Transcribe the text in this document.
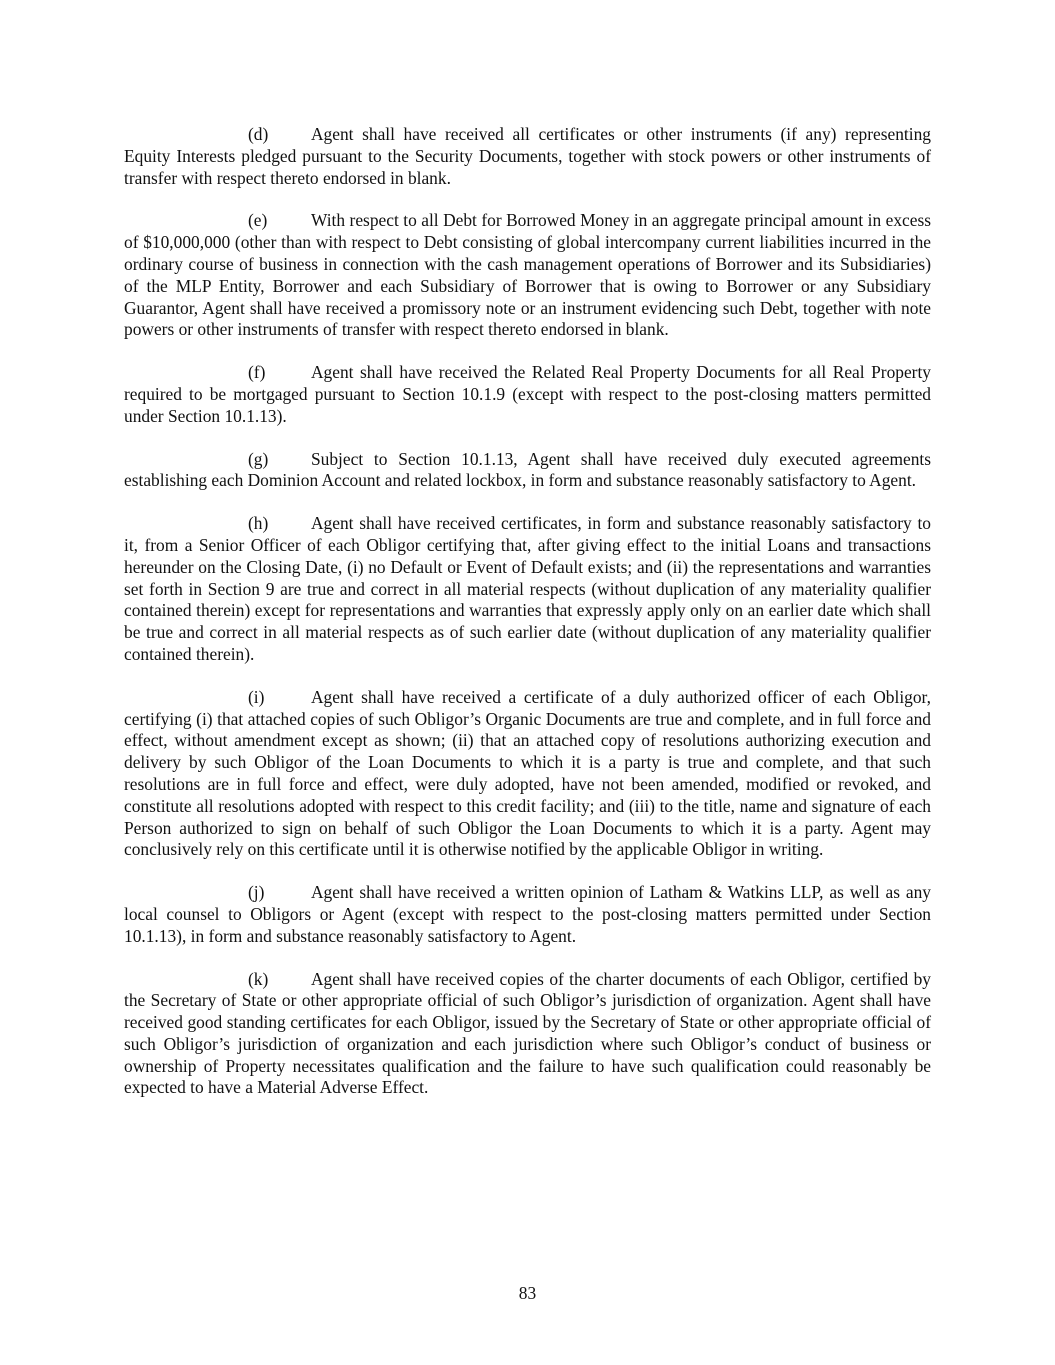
(d) Agent shall have received all certificates or other instruments (if any) representing Equity Interests pledged pursuant to the Security Documents, together with stock powers or other instruments of transfer with respect thereto endorsed in blank.

(e)	With respect to all Debt for Borrowed Money in an aggregate principal amount in excess of $10,000,000 (other than with respect to Debt consisting of global intercompany current liabilities incurred in the ordinary course of business in connection with the cash management operations of Borrower and its Subsidiaries) of the MLP Entity, Borrower and each Subsidiary of Borrower that is owing to Borrower or any Subsidiary Guarantor, Agent shall have received a promissory note or an instrument evidencing such Debt, together with note powers or other instruments of transfer with respect thereto endorsed in blank.

(f)	Agent shall have received the Related Real Property Documents for all Real Property required to be mortgaged pursuant to Section 10.1.9 (except with respect to the post-closing matters permitted under Section 10.1.13).

(g) Subject to Section 10.1.13, Agent shall have received duly executed agreements establishing each Dominion Account and related lockbox, in form and substance reasonably satisfactory to Agent.

(h) Agent shall have received certificates, in form and substance reasonably satisfactory to it, from a Senior Officer of each Obligor certifying that, after giving effect to the initial Loans and transactions hereunder on the Closing Date, (i) no Default or Event of Default exists; and (ii) the representations and warranties set forth in Section 9 are true and correct in all material respects (without duplication of any materiality qualifier contained therein) except for representations and warranties that expressly apply only on an earlier date which shall be true and correct in all material respects as of such earlier date (without duplication of any materiality qualifier contained therein).

(i)	Agent shall have received a certificate of a duly authorized officer of each Obligor, certifying (i) that attached copies of such Obligor’s Organic Documents are true and complete, and in full force and effect, without amendment except as shown; (ii) that an attached copy of resolutions authorizing execution and delivery by such Obligor of the Loan Documents to which it is a party is true and complete, and that such resolutions are in full force and effect, were duly adopted, have not been amended, modified or revoked, and constitute all resolutions adopted with respect to this credit facility; and (iii) to the title, name and signature of each Person authorized to sign on behalf of such Obligor the Loan Documents to which it is a party. Agent may conclusively rely on this certificate until it is otherwise notified by the applicable Obligor in writing.

(j)	Agent shall have received a written opinion of Latham & Watkins LLP, as well as any local counsel to Obligors or Agent (except with respect to the post-closing matters permitted under Section 10.1.13), in form and substance reasonably satisfactory to Agent.

(k) Agent shall have received copies of the charter documents of each Obligor, certified by the Secretary of State or other appropriate official of such Obligor’s jurisdiction of organization. Agent shall have received good standing certificates for each Obligor, issued by the Secretary of State or other appropriate official of such Obligor’s jurisdiction of organization and each jurisdiction where such Obligor’s conduct of business or ownership of Property necessitates qualification and the failure to have such qualification could reasonably be expected to have a Material Adverse Effect.

83
